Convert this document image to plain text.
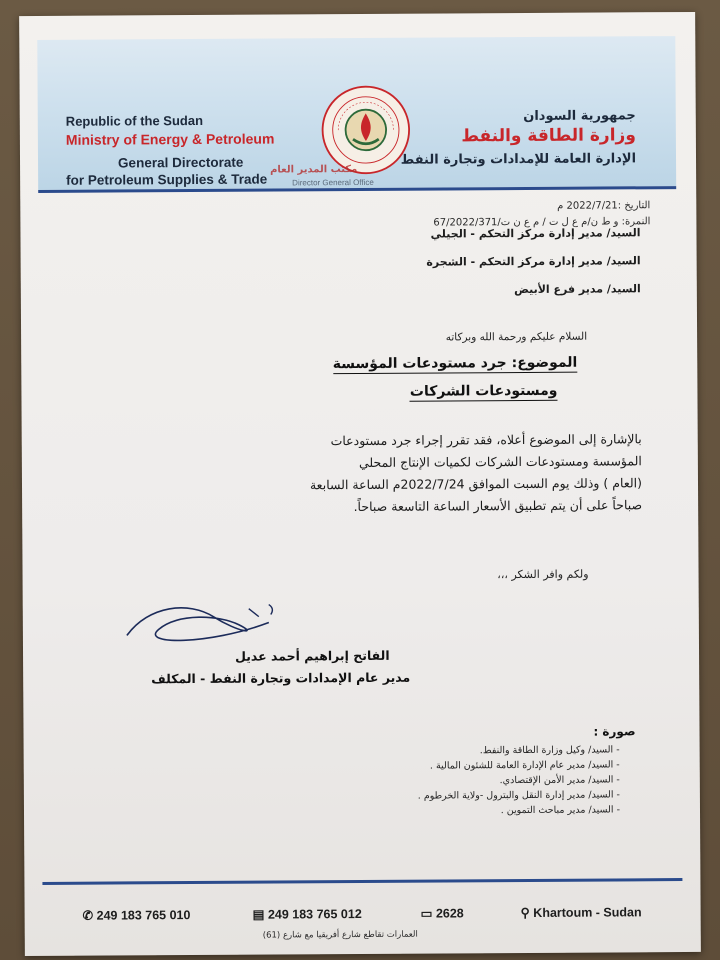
Republic of the Sudan
Ministry of Energy & Petroleum
General Directorate
for Petroleum Supplies & Trade
جمهورية السودان
وزارة الطاقة والنفط
الإدارة العامة للإمدادات وتجارة النفط
مكتب المدير العام
Director General Office
التاريخ :2022/7/21 م
النمرة: و ط ن/م ع ل ت / م ع ن ت/67/2022/371
السيد/ مدير إدارة مركز التحكم - الجيلي
السيد/ مدير إدارة مركز التحكم - الشجرة
السيد/ مدير فرع الأبيض
السلام عليكم ورحمة الله وبركاته
الموضوع: جرد مستودعات المؤسسة
ومستودعات الشركات
بالإشارة إلى الموضوع أعلاه، فقد تقرر إجراء جرد مستودعات
المؤسسة ومستودعات الشركات لكميات الإنتاج المحلي
(العام ) وذلك يوم السبت الموافق 2022/7/24م الساعة السابعة
صباحاً على أن يتم تطبيق الأسعار الساعة التاسعة صباحاً.
ولكم وافر الشكر ،،،
الفاتح إبراهيم أحمد عديل
مدير عام الإمدادات وتجارة النفط - المكلف
صورة :
- السيد/ وكيل وزارة الطاقة والنفط.
- السيد/ مدير عام الإدارة العامة للشئون المالية .
- السيد/ مدير الأمن الإقتصادي.
- السيد/ مدير إدارة النقل والبترول -ولاية الخرطوم .
- السيد/ مدير مباحث التموين .
✆ 249 183 765 010	▤ 249 183 765 012	▭ 2628	⚲ Khartoum - Sudan
العمارات تقاطع شارع أفريقيا مع شارع (61)
